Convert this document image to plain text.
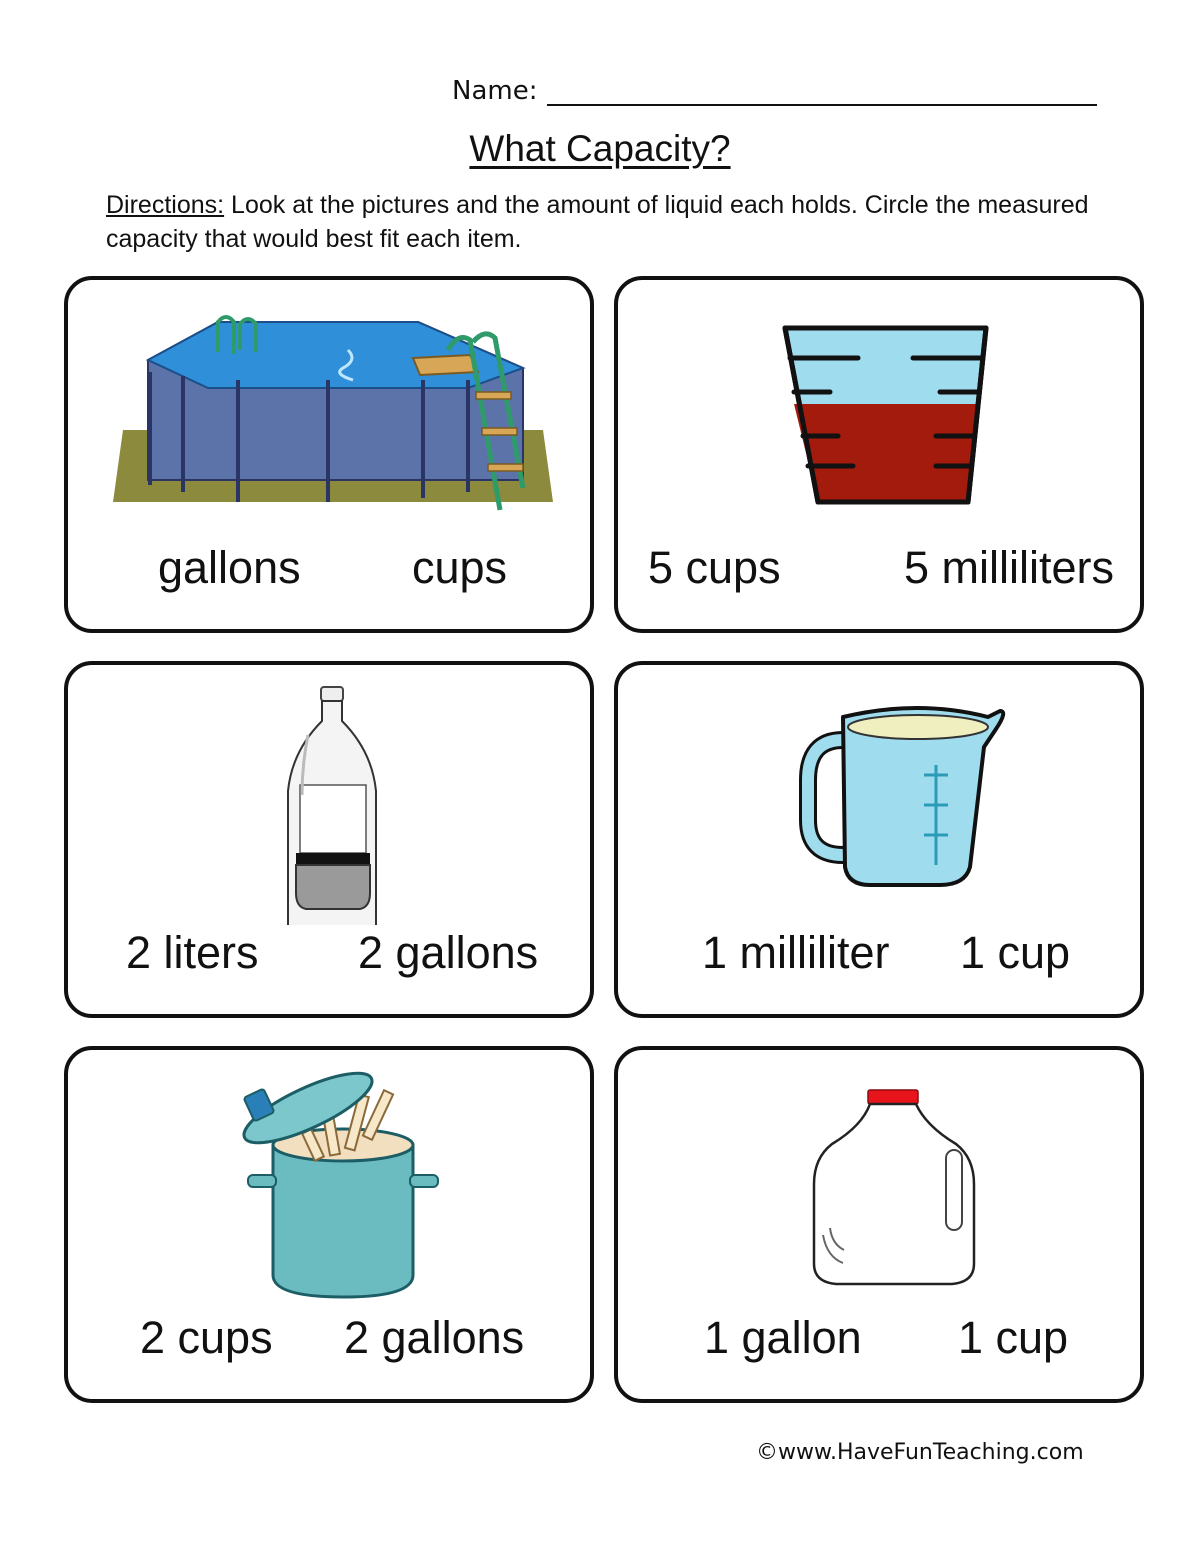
Name:
What Capacity?
Directions: Look at the pictures and the amount of liquid each holds. Circle the measured capacity that would best fit each item.
gallons cups	5 cups	5 milliliters
2 liters 2 gallons	1 milliliter 1 cup
2 cups 2 gallons	1 gallon 1 cup
©www.HaveFunTeaching.com
